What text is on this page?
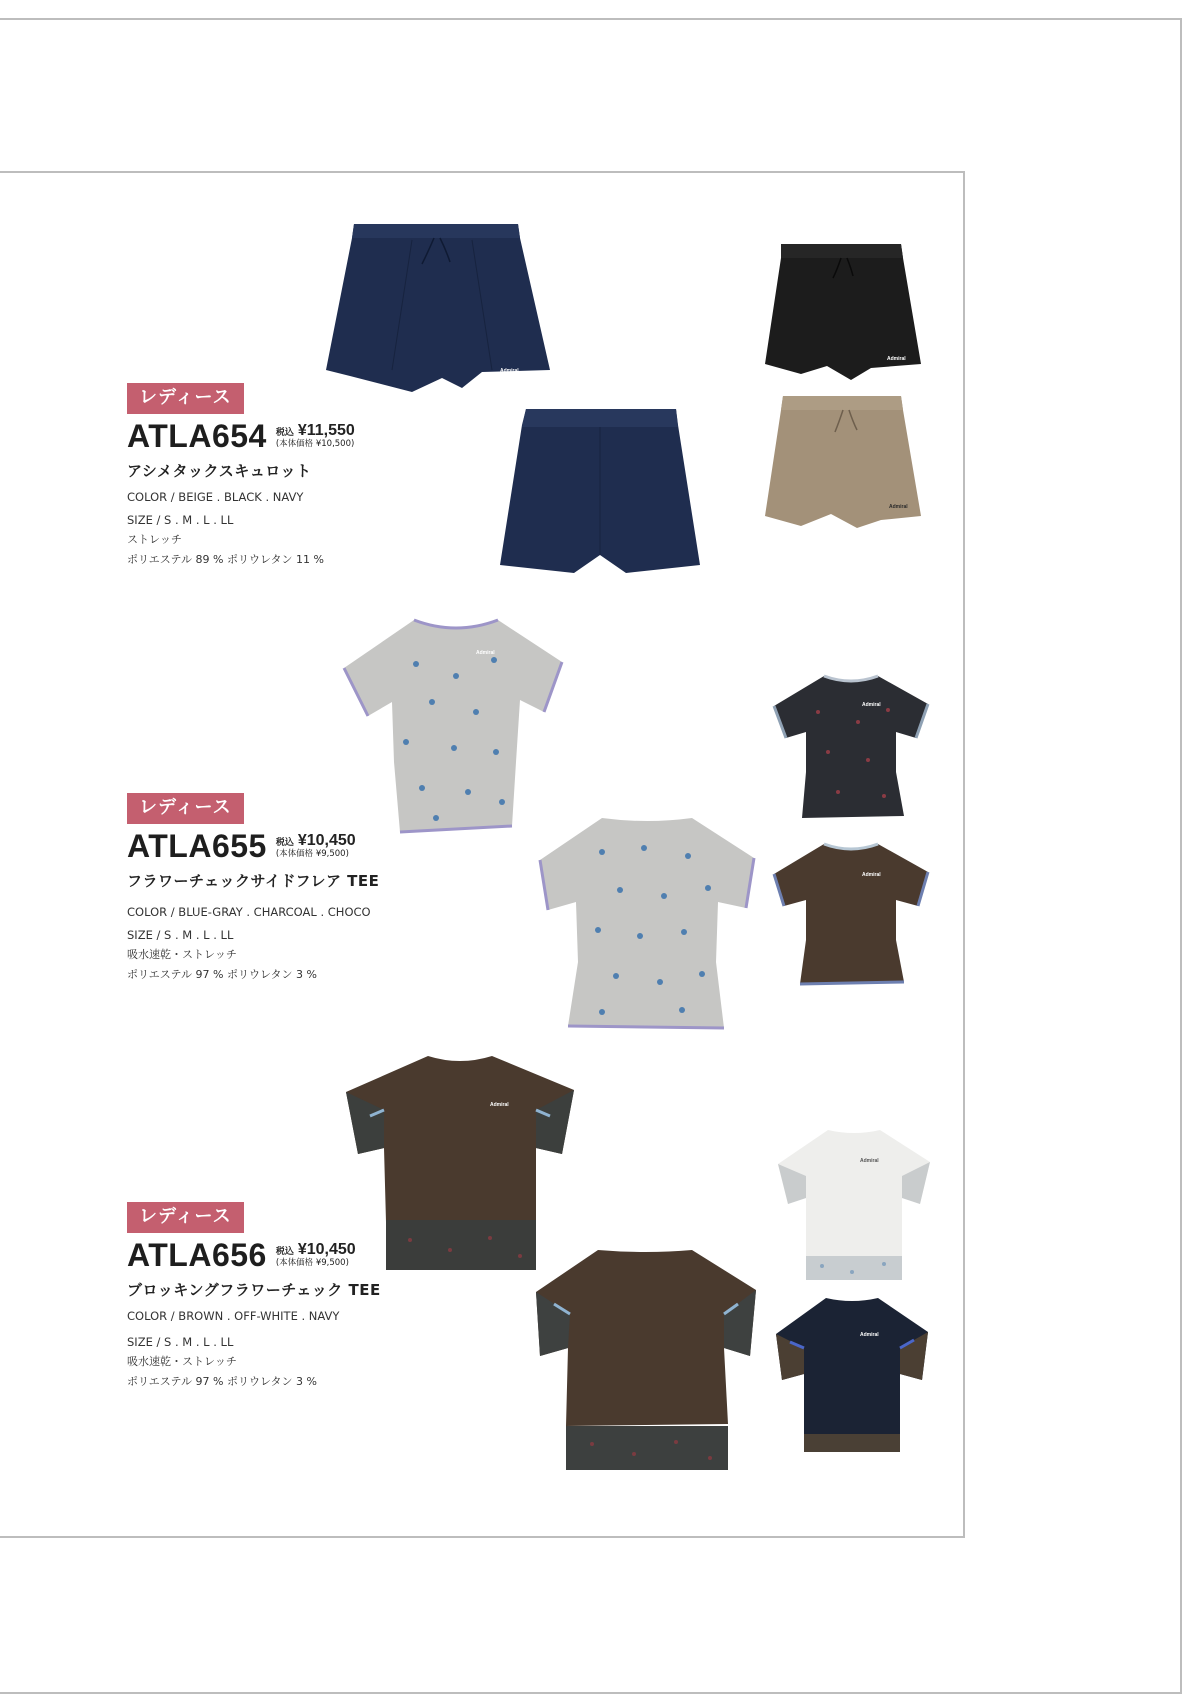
レディース
ATLA654 税込 ¥11,550
(本体価格 ¥10,500)
アシメタックスキュロット
COLOR / BEIGE . BLACK . NAVY
SIZE / S . M . L . LL
ストレッチ
ポリエステル 89 % ポリウレタン 11 %
Admiral
Admiral
Admiral
レディース
ATLA655 税込 ¥10,450
(本体価格 ¥9,500)
フラワーチェックサイドフレア TEE
COLOR / BLUE-GRAY . CHARCOAL . CHOCO
SIZE / S . M . L . LL
吸水速乾・ストレッチ
ポリエステル 97 % ポリウレタン 3 %
Admiral
Admiral
Admiral
レディース
ATLA656 税込 ¥10,450
(本体価格 ¥9,500)
ブロッキングフラワーチェック TEE
COLOR / BROWN . OFF-WHITE . NAVY
SIZE / S . M . L . LL
吸水速乾・ストレッチ
ポリエステル 97 % ポリウレタン 3 %
Admiral
Admiral
Admiral
